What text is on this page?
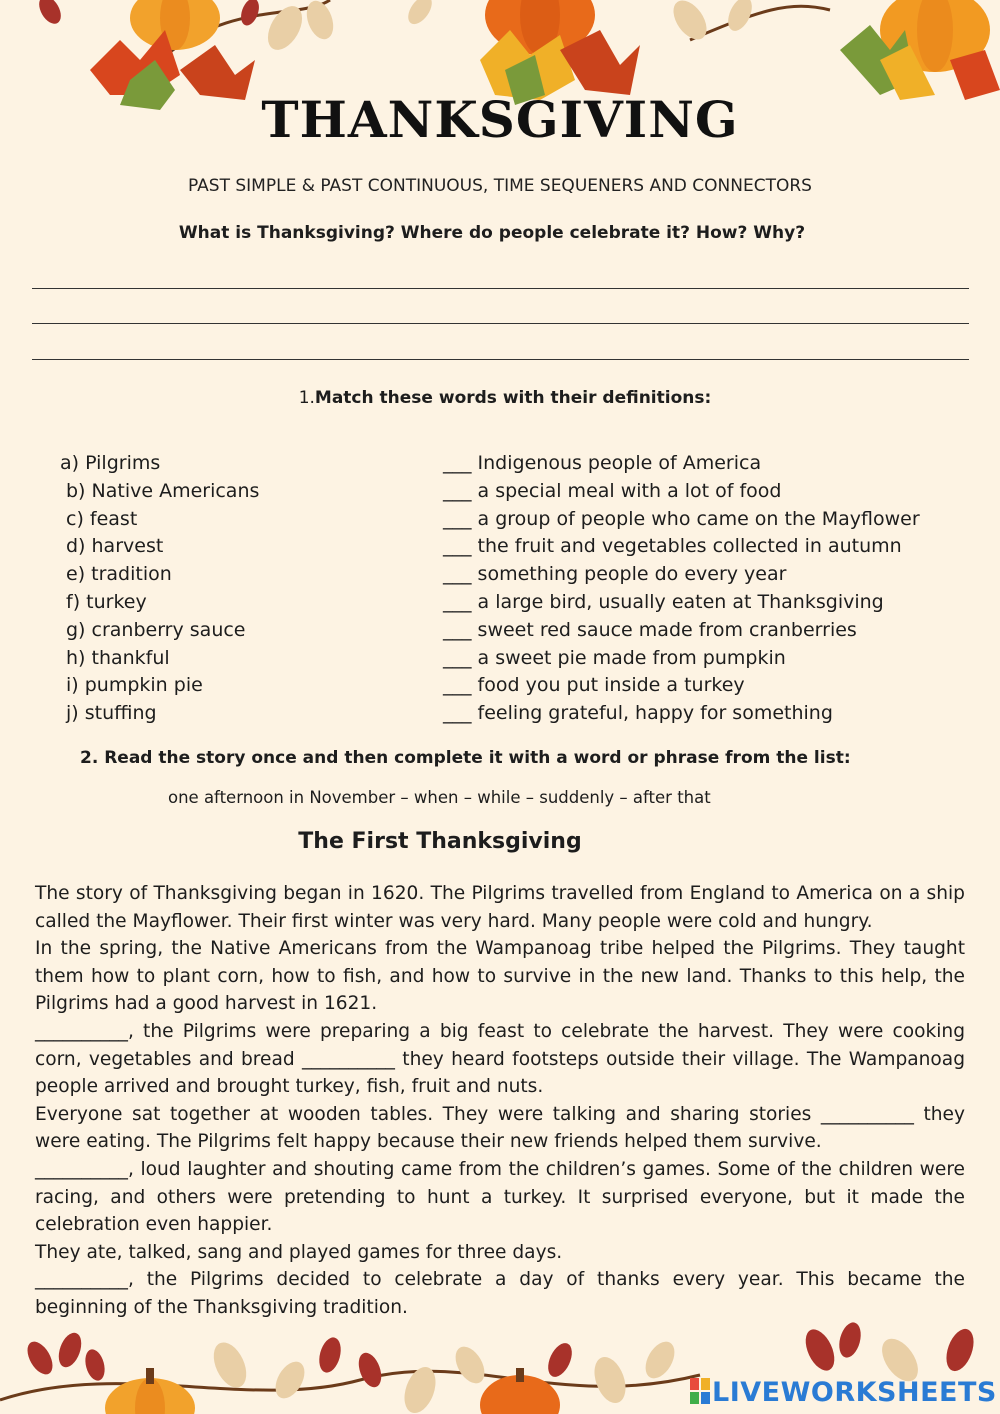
THANKSGIVING
PAST SIMPLE & PAST CONTINUOUS, TIME SEQUENERS AND CONNECTORS
What is Thanksgiving? Where do people celebrate it? How? Why?
1.Match these words with their definitions:
a) Pilgrims
b) Native Americans
c) feast
d) harvest
e) tradition
f) turkey
g) cranberry sauce
h) thankful
i) pumpkin pie
j) stuffing
___ Indigenous people of America
___ a special meal with a lot of food
___ a group of people who came on the Mayflower
___ the fruit and vegetables collected in autumn
___ something people do every year
___ a large bird, usually eaten at Thanksgiving
___ sweet red sauce made from cranberries
___ a sweet pie made from pumpkin
___ food you put inside a turkey
___ feeling grateful, happy for something
2. Read the story once and then complete it with a word or phrase from the list:
one afternoon in November – when – while – suddenly – after that
The First Thanksgiving

The story of Thanksgiving began in 1620. The Pilgrims travelled from England to America on a ship called the Mayflower. Their first winter was very hard. Many people were cold and hungry.

In the spring, the Native Americans from the Wampanoag tribe helped the Pilgrims. They taught them how to plant corn, how to fish, and how to survive in the new land. Thanks to this help, the Pilgrims had a good harvest in 1621.

__________, the Pilgrims were preparing a big feast to celebrate the harvest. They were cooking corn, vegetables and bread __________ they heard footsteps outside their village. The Wampanoag people arrived and brought turkey, fish, fruit and nuts.

Everyone sat together at wooden tables. They were talking and sharing stories __________ they were eating. The Pilgrims felt happy because their new friends helped them survive.

__________, loud laughter and shouting came from the children’s games. Some of the children were racing, and others were pretending to hunt a turkey. It surprised everyone, but it made the celebration even happier.

They ate, talked, sang and played games for three days.

__________, the Pilgrims decided to celebrate a day of thanks every year. This became the beginning of the Thanksgiving tradition.

LIVEWORKSHEETS
